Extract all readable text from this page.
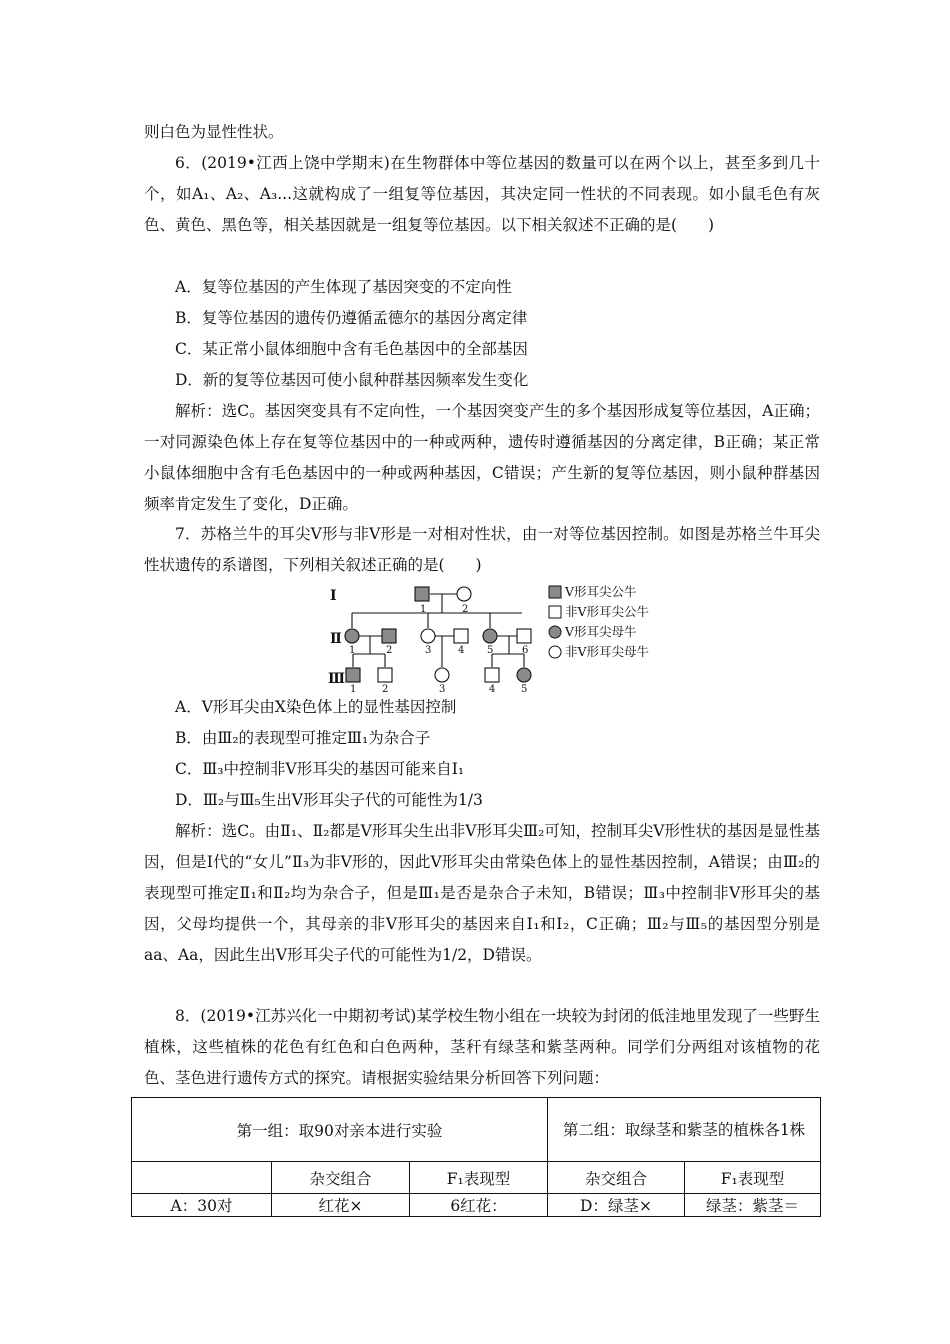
则白色为显性性状。

6．(2019•江西上饶中学期末)在生物群体中等位基因的数量可以在两个以上，甚至多到几十个，如A₁、A₂、A₃...这就构成了一组复等位基因，其决定同一性状的不同表现。如小鼠毛色有灰色、黄色、黑色等，相关基因就是一组复等位基因。以下相关叙述不正确的是(　　)

A．复等位基因的产生体现了基因突变的不定向性
B．复等位基因的遗传仍遵循孟德尔的基因分离定律
C．某正常小鼠体细胞中含有毛色基因中的全部基因
D．新的复等位基因可使小鼠种群基因频率发生变化

解析：选C。基因突变具有不定向性，一个基因突变产生的多个基因形成复等位基因，A正确；一对同源染色体上存在复等位基因中的一种或两种，遗传时遵循基因的分离定律，B正确；某正常小鼠体细胞中含有毛色基因中的一种或两种基因，C错误；产生新的复等位基因，则小鼠种群基因频率肯定发生了变化，D正确。

7．苏格兰牛的耳尖V形与非V形是一对相对性状，由一对等位基因控制。如图是苏格兰牛耳尖性状遗传的系谱图，下列相关叙述正确的是(　　)

Ⅰ
Ⅱ
Ⅲ
1	2
1	2	3	4 5	6
1	2	3	4	5
V形耳尖公牛
非V形耳尖公牛
V形耳尖母牛
非V形耳尖母牛
A．V形耳尖由X染色体上的显性基因控制
B．由Ⅲ₂的表现型可推定Ⅲ₁为杂合子
C．Ⅲ₃中控制非V形耳尖的基因可能来自Ⅰ₁
D．Ⅲ₂与Ⅲ₅生出V形耳尖子代的可能性为1/3

解析：选C。由Ⅱ₁、Ⅱ₂都是V形耳尖生出非V形耳尖Ⅲ₂可知，控制耳尖V形性状的基因是显性基因，但是Ⅰ代的“女儿”Ⅱ₃为非V形的，因此V形耳尖由常染色体上的显性基因控制，A错误；由Ⅲ₂的表现型可推定Ⅱ₁和Ⅱ₂均为杂合子，但是Ⅲ₁是否是杂合子未知，B错误；Ⅲ₃中控制非V形耳尖的基因，父母均提供一个，其母亲的非V形耳尖的基因来自Ⅰ₁和Ⅰ₂，C正确；Ⅲ₂与Ⅲ₅的基因型分别是aa、Aa，因此生出V形耳尖子代的可能性为1/2，D错误。

8．(2019•江苏兴化一中期初考试)某学校生物小组在一块较为封闭的低洼地里发现了一些野生植株，这些植株的花色有红色和白色两种，茎秆有绿茎和紫茎两种。同学们分两组对该植物的花色、茎色进行遗传方式的探究。请根据实验结果分析回答下列问题：

第一组：取90对亲本进行实验			第二组：取绿茎和紫茎的植株各1株	
	杂交组合	F₁表现型	杂交组合	F₁表现型
A：30对	红花×	6红花：	D：绿茎×	绿茎：紫茎＝
